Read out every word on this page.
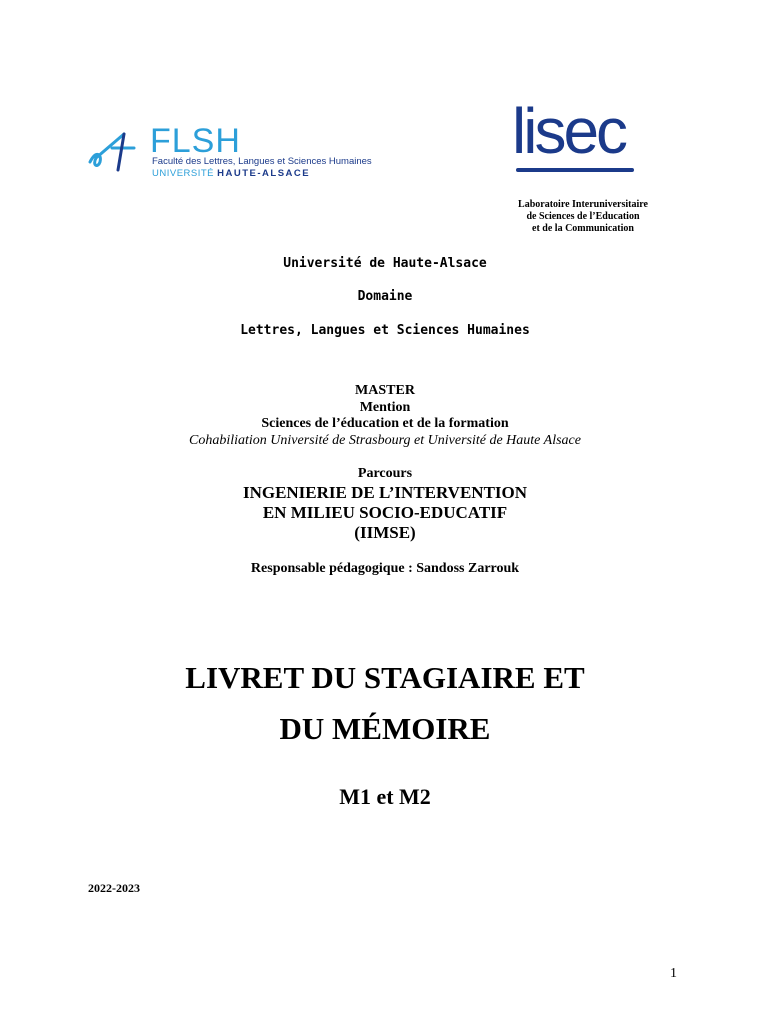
FLSH
Faculté des Lettres, Langues et Sciences Humaines
UNIVERSITÉ HAUTE-ALSACE
lisec
Laboratoire Interuniversitaire
de Sciences de l’Education
et de la Communication
Université de Haute-Alsace
Domaine
Lettres, Langues et Sciences Humaines
MASTER
Mention
Sciences de l’éducation et de la formation
Cohabiliation Université de Strasbourg et Université de Haute Alsace
Parcours
INGENIERIE DE L’INTERVENTION
EN MILIEU SOCIO-EDUCATIF
(IIMSE)
Responsable pédagogique : Sandoss Zarrouk
LIVRET DU STAGIAIRE ET
DU MÉMOIRE
M1 et M2
2022-2023
1
